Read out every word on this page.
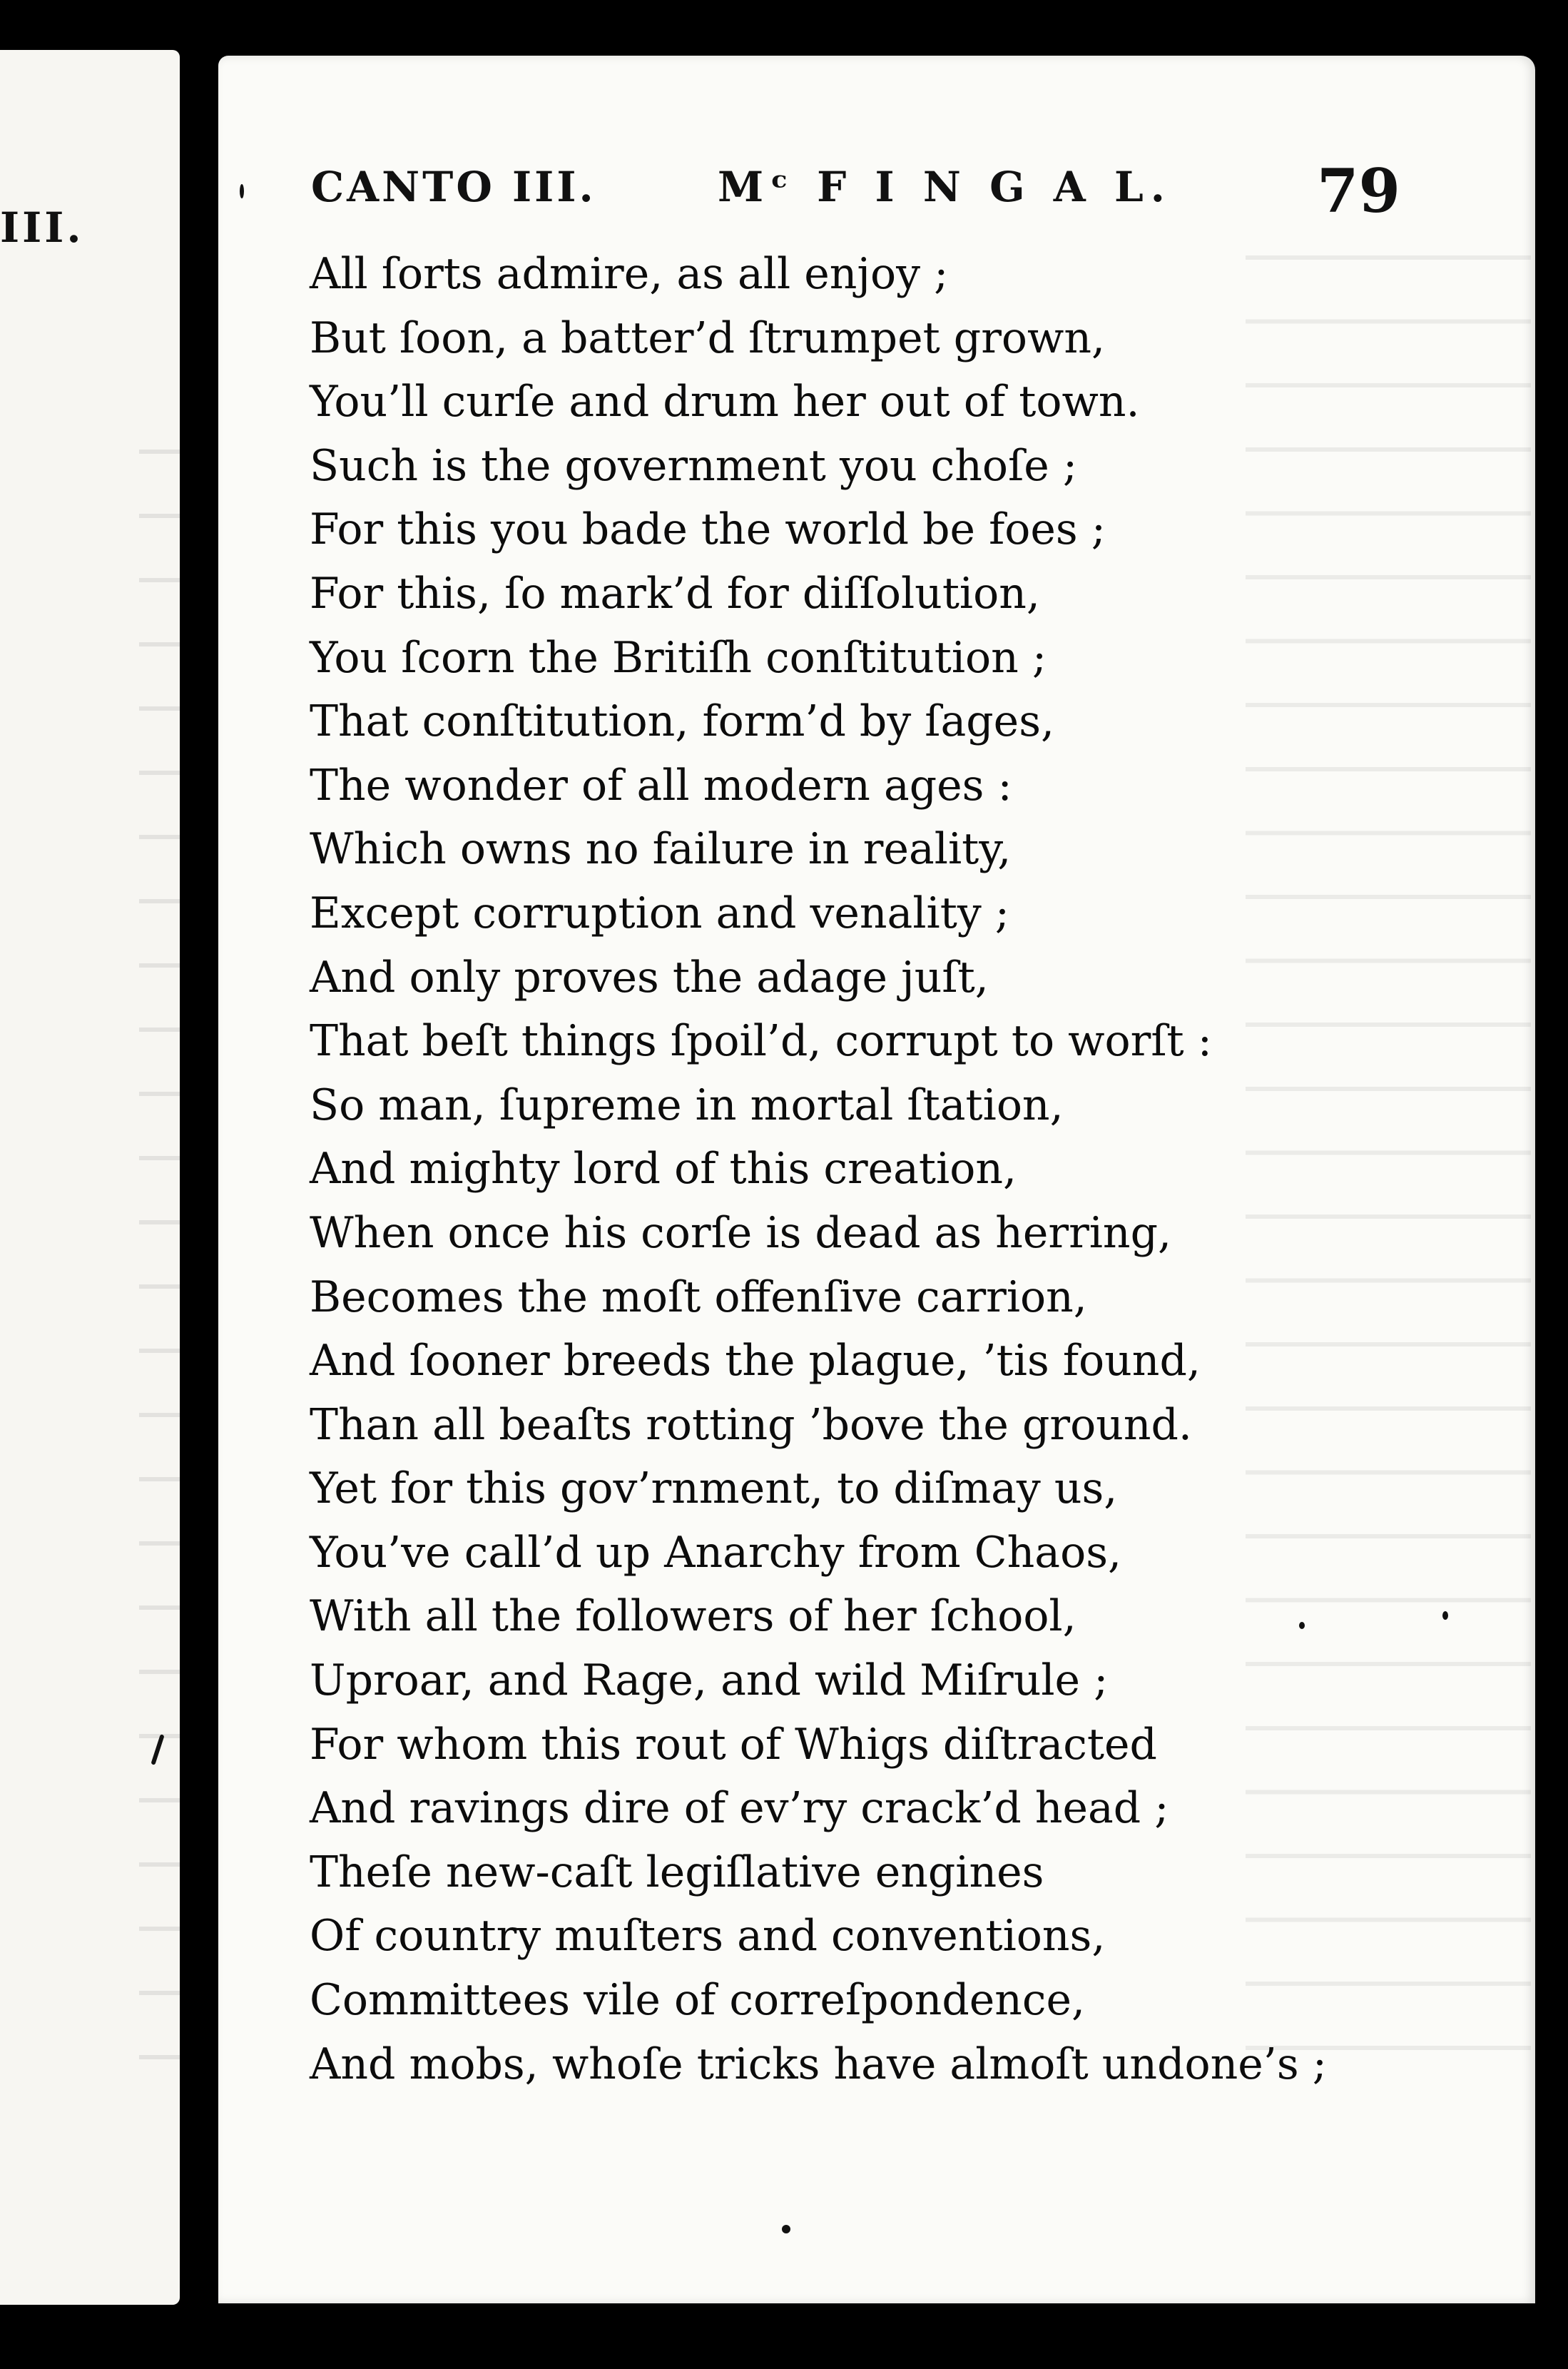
III.
CANTO III.	Mᶜ F I N G A L. 79
All ſorts admire, as all enjoy ;
But ſoon, a batter’d ſtrumpet grown,
You’ll curſe and drum her out of town.
Such is the government you choſe ;
For this you bade the world be foes ;
For this, ſo mark’d for diſſolution,
You ſcorn the Britiſh conſtitution ;
That conſtitution, form’d by ſages,
The wonder of all modern ages :
Which owns no failure in reality,
Except corruption and venality ;
And only proves the adage juſt,
That beſt things ſpoil’d, corrupt to worſt :
So man, ſupreme in mortal ſtation,
And mighty lord of this creation,
When once his corſe is dead as herring,
Becomes the moſt offenſive carrion,
And ſooner breeds the plague, ’tis found,
Than all beaſts rotting ’bove the ground.
Yet for this gov’rnment, to diſmay us,
You’ve call’d up Anarchy from Chaos,
With all the followers of her ſchool,
Uproar, and Rage, and wild Miſrule ;
For whom this rout of Whigs diſtracted
And ravings dire of ev’ry crack’d head ;
Theſe new-caſt legiſlative engines
Of country muſters and conventions,
Committees vile of correſpondence,
And mobs, whoſe tricks have almoſt undone’s ;
